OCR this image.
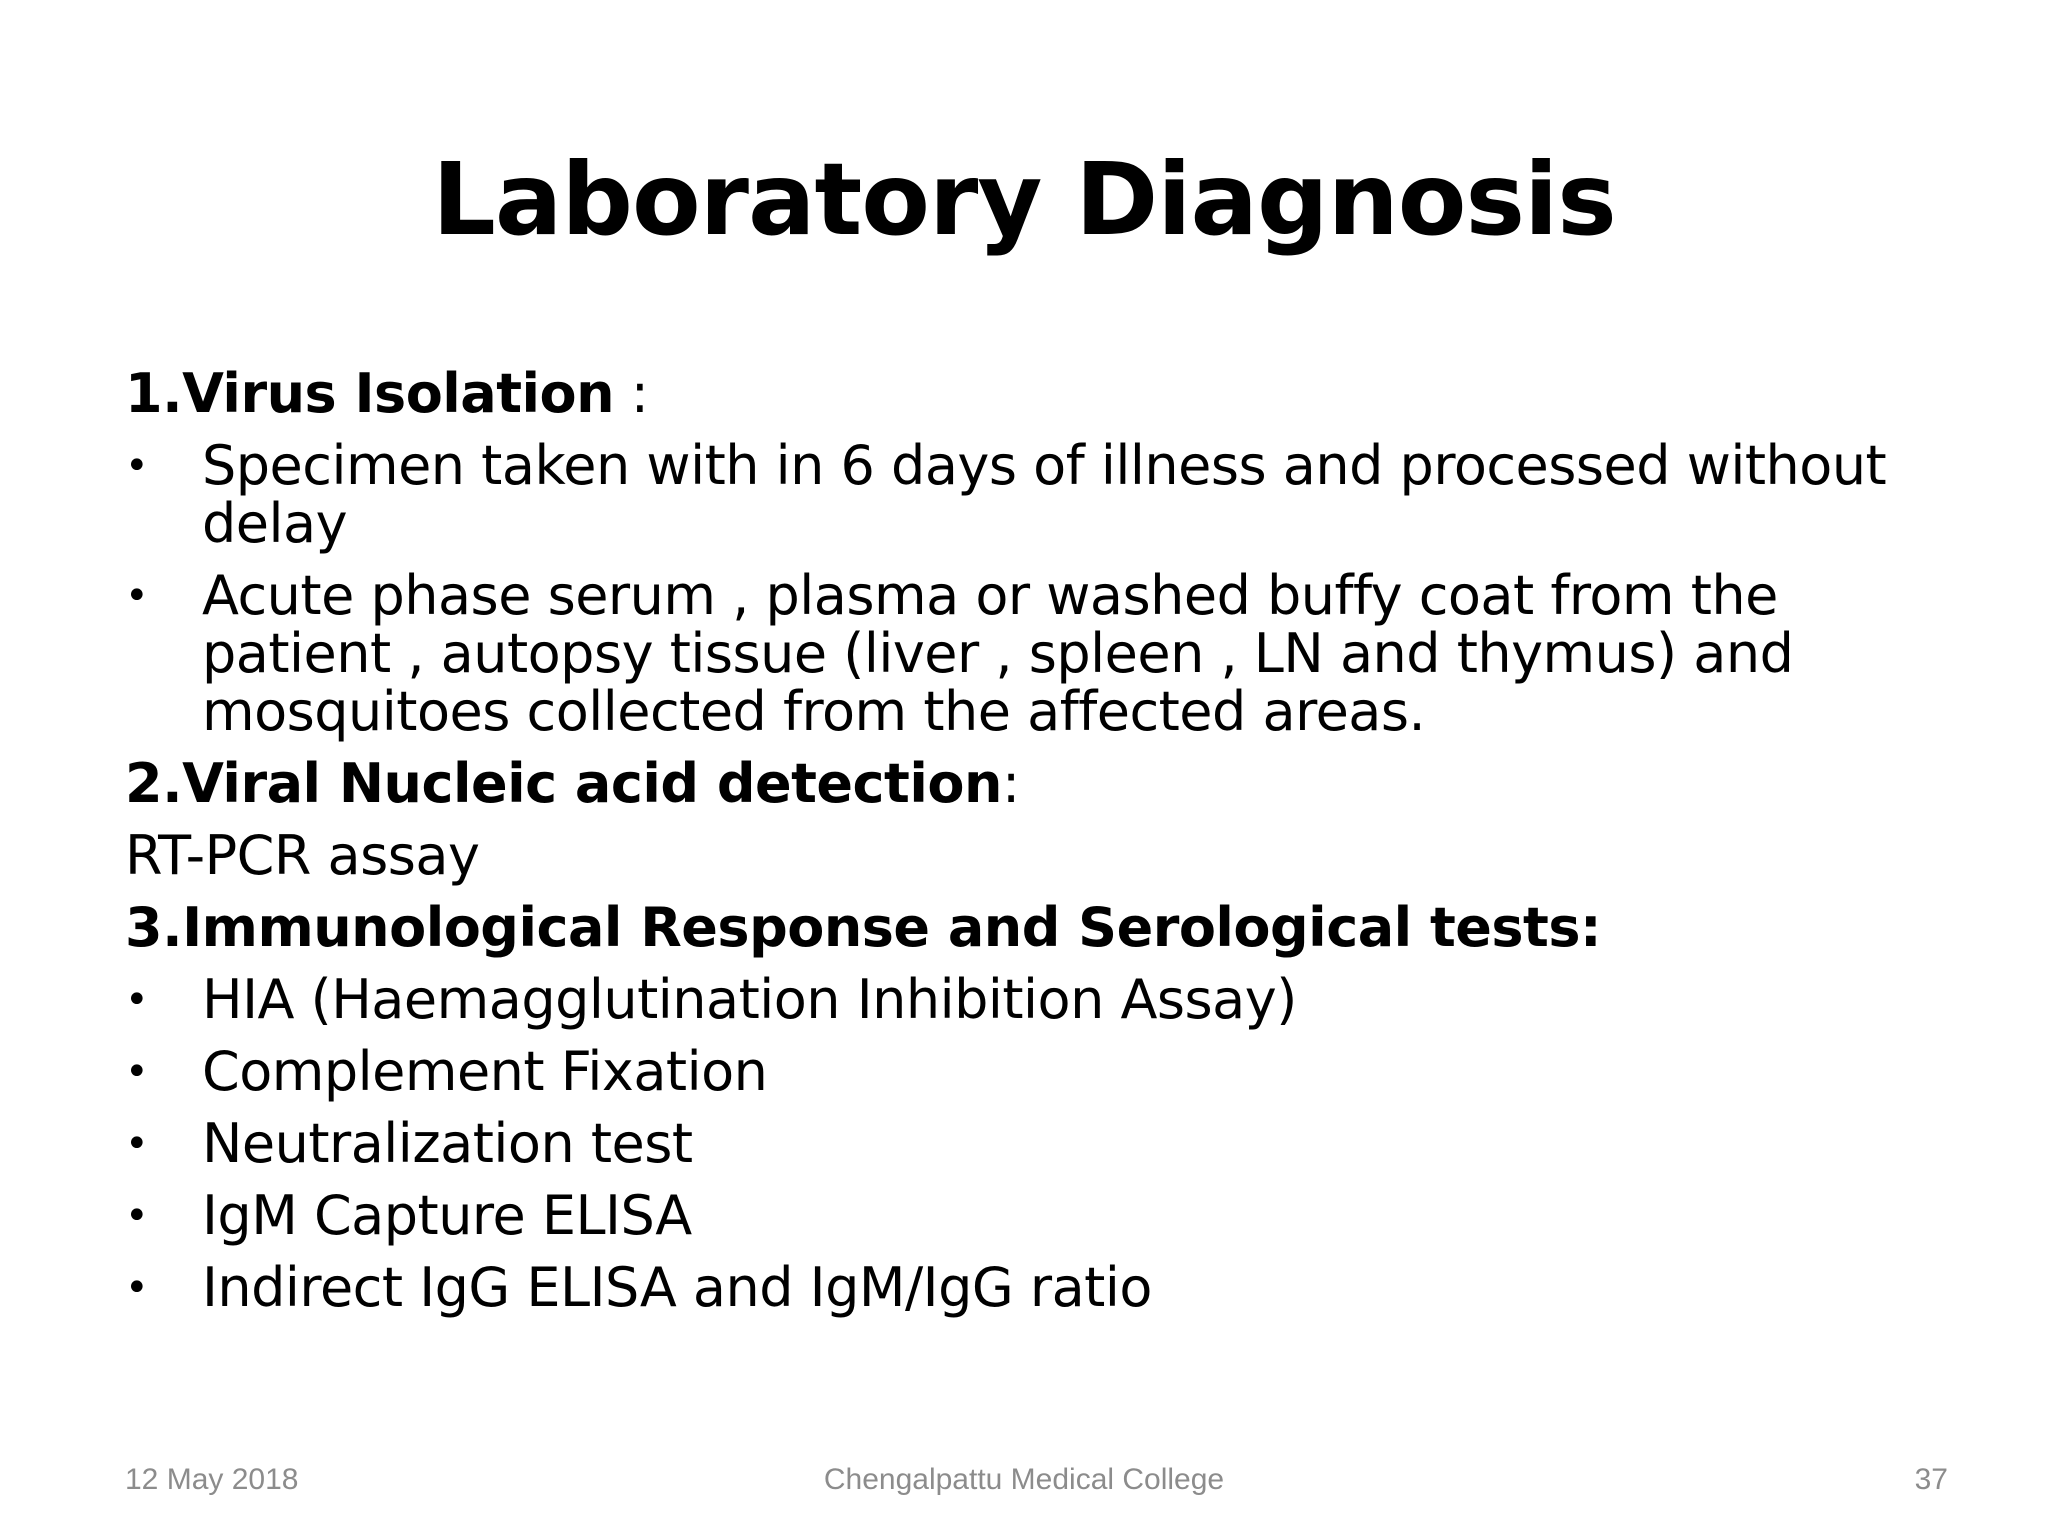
Laboratory Diagnosis

1.Virus Isolation :

• Specimen taken with in 6 days of illness and processed without delay
• Acute phase serum , plasma or washed buffy coat from the patient , autopsy tissue (liver , spleen , LN and thymus) and mosquitoes collected from the affected areas.

2.Viral Nucleic acid detection:

RT-PCR assay

3.Immunological Response and Serological tests:

• HIA (Haemagglutination Inhibition Assay)
• Complement Fixation
• Neutralization test
• IgM Capture ELISA
• Indirect IgG ELISA and IgM/IgG ratio
12 May 2018	Chengalpattu Medical College	37
